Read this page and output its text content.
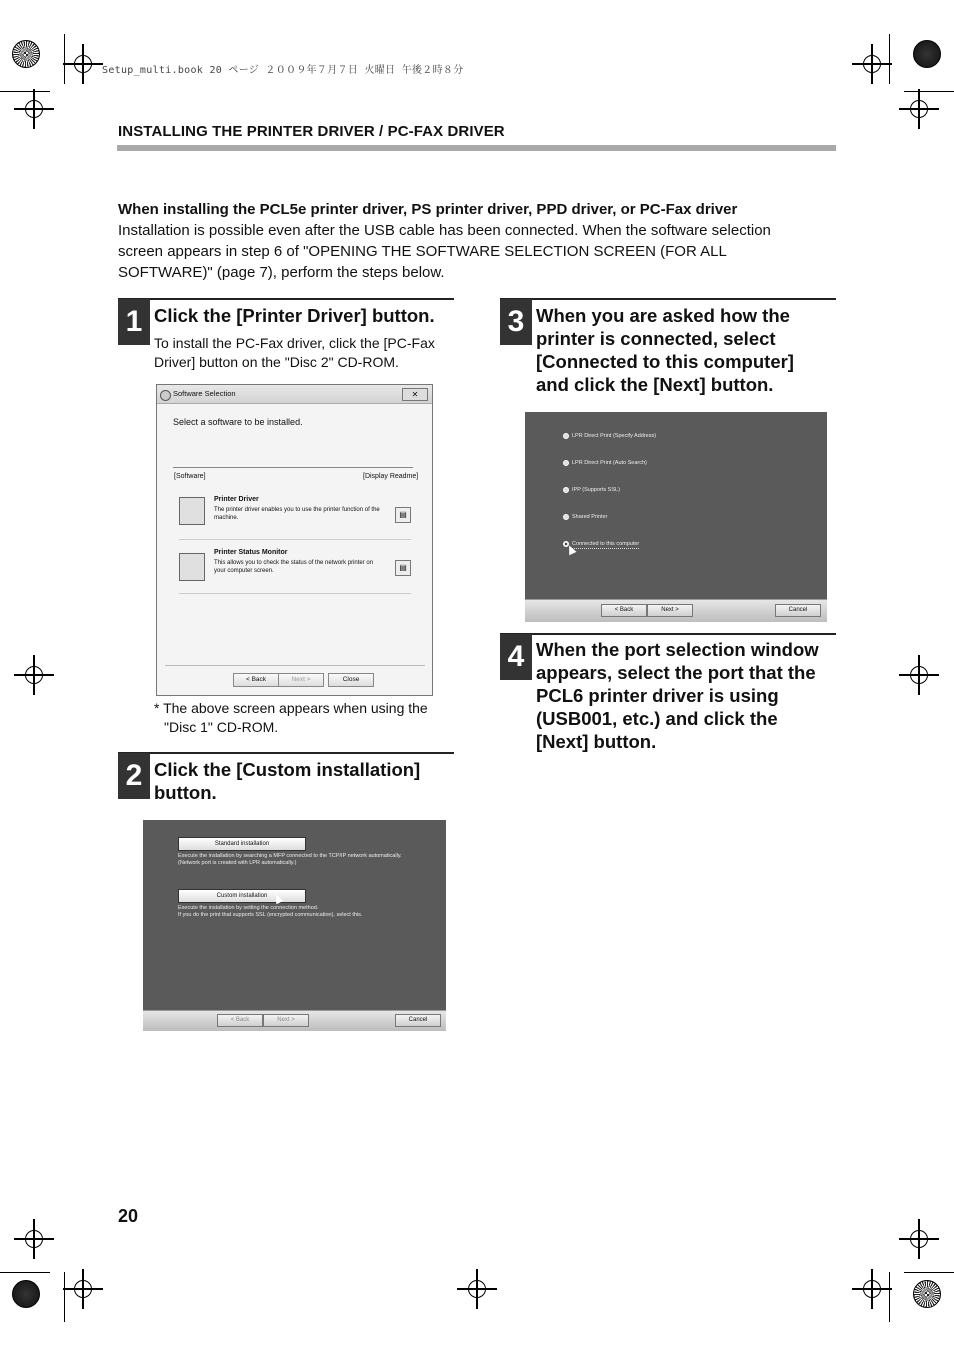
Setup_multi.book 20 ページ ２００９年７月７日 火曜日 午後２時８分
INSTALLING THE PRINTER DRIVER / PC-FAX DRIVER
When installing the PCL5e printer driver, PS printer driver, PPD driver, or PC-Fax driver
Installation is possible even after the USB cable has been connected. When the software selection
screen appears in step 6 of "OPENING THE SOFTWARE SELECTION SCREEN (FOR ALL
SOFTWARE)" (page 7), perform the steps below.
1 Click the [Printer Driver] button.
To install the PC-Fax driver, click the [PC-Fax
Driver] button on the "Disc 2" CD-ROM.
Software Selection	✕
Select a software to be installed.
[Software]	[Display Readme]
Printer Driver
The printer driver enables you to use the printer function of the
machine.	▤
Printer Status Monitor
This allows you to check the status of the network printer on
your computer screen.	▤
< Back	Next >	Close
* The above screen appears when using the
"Disc 1" CD-ROM.
2 Click the [Custom installation]
button.
Standard installation
Execute the installation by searching a MFP connected to the TCP/IP network automatically.
(Network port is created with LPR automatically.)
Custom installation
Execute the installation by setting the connection method.
If you do the print that supports SSL (encrypted communication), select this.
< Back	Next >	Cancel
3 When you are asked how the
printer is connected, select
[Connected to this computer]
and click the [Next] button.
LPR Direct Print (Specify Address)
LPR Direct Print (Auto Search)
IPP (Supports SSL)
Shared Printer
Connected to this computer
< Back	Next >	Cancel
4 When the port selection window
appears, select the port that the
PCL6 printer driver is using
(USB001, etc.) and click the
[Next] button.
20
